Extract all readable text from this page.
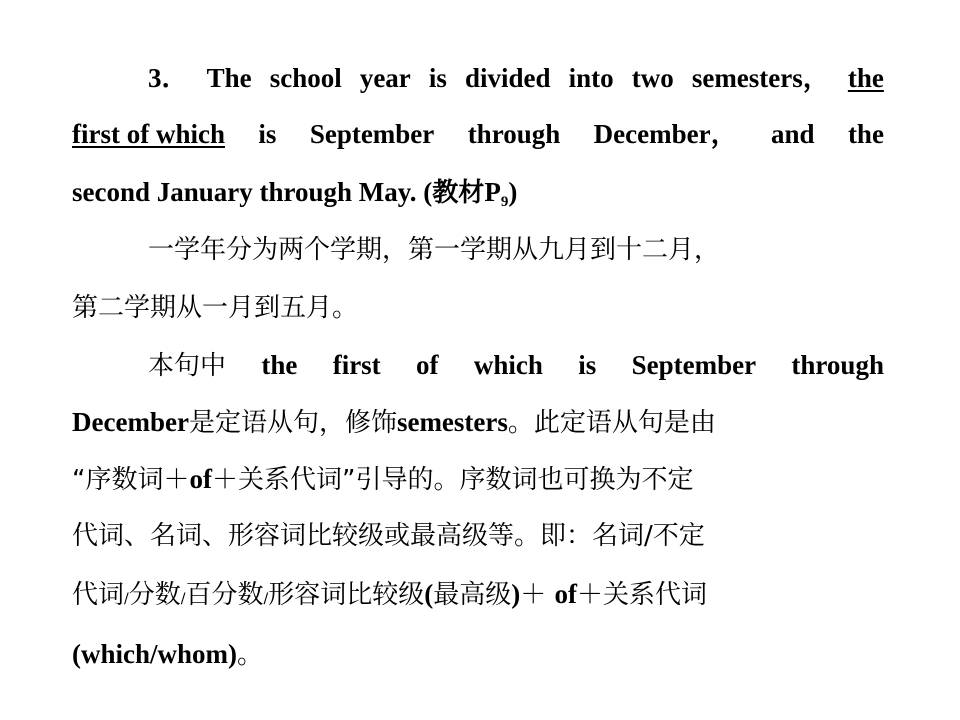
3． The school year is divided into two semesters， the
first of which is September through December， and the
second January through May. (教材$P_9$)
一学年分为两个学期，第一学期从九月到十二月，
第二学期从一月到五月。
本句中 the first of which is September through
December是定语从句，修饰semesters。此定语从句是由
“序数词＋of＋关系代词”引导的。序数词也可换为不定
代词、名词、形容词比较级或最高级等。即：名词/不定
代词/分数/百分数/形容词比较级(最高级)＋ of＋关系代词
(which/whom)。
